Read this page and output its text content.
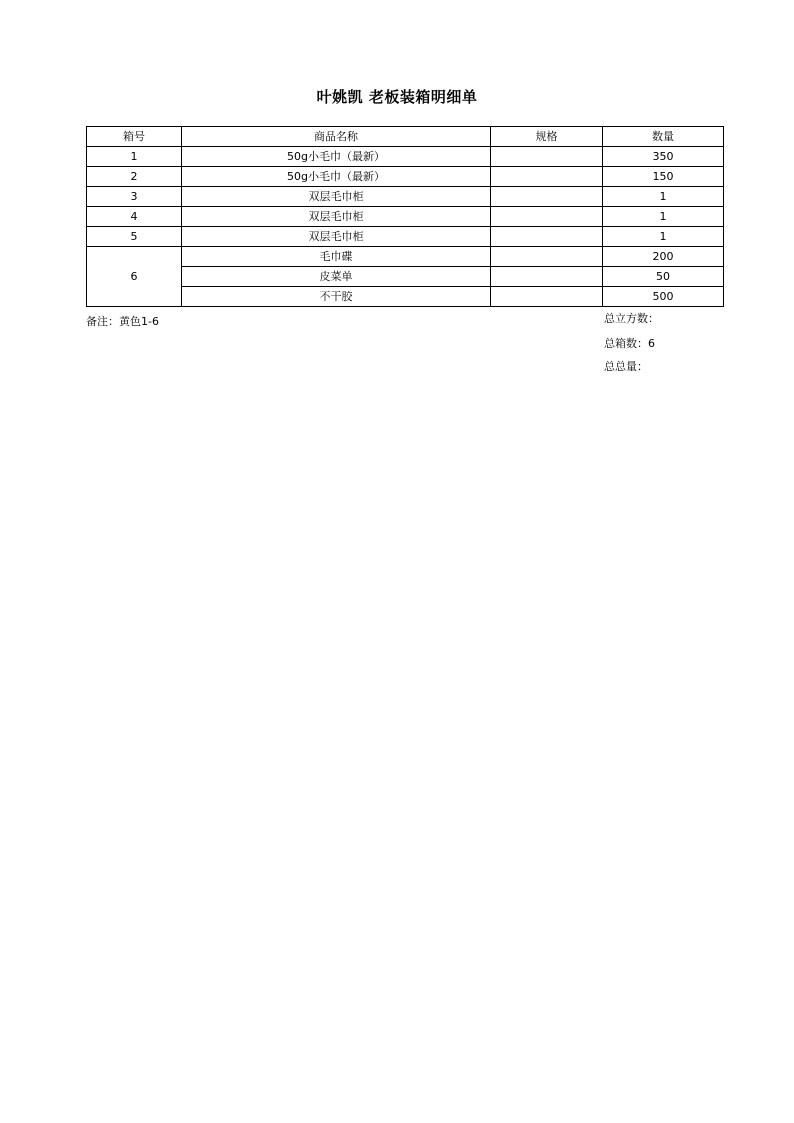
叶姚凯 老板装箱明细单
箱号	商品名称	规格	数量
1	50g小毛巾（最新）		350
2	50g小毛巾（最新）		150
3	双层毛巾柜		1
4	双层毛巾柜		1
5	双层毛巾柜		1
6	毛巾碟		200
	皮菜单		50
	不干胶		500
备注：黄色1-6	总立方数：
总箱数：6
总总量：
